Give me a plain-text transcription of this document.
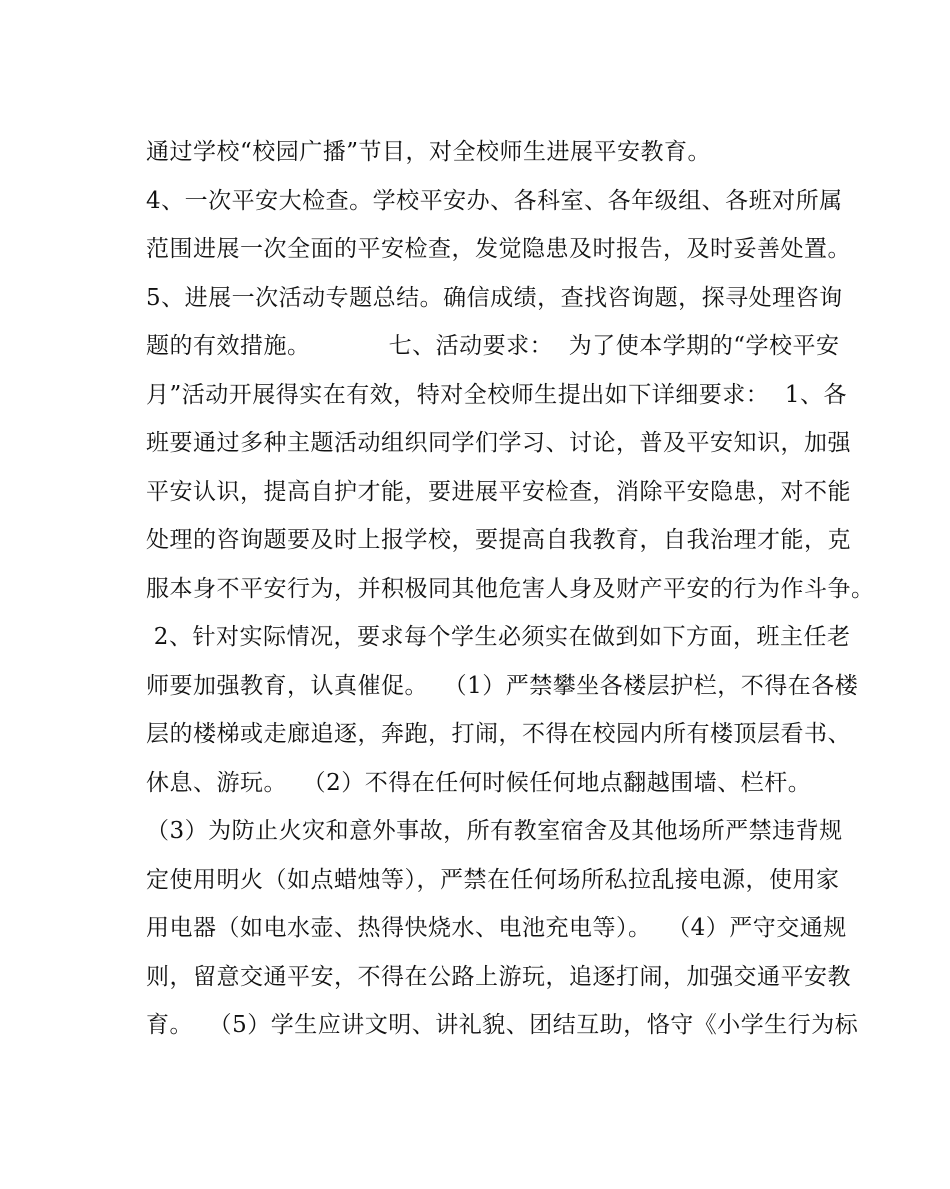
通过学校“校园广播”节目，对全校师生进展平安教育。

4、一次平安大检查。学校平安办、各科室、各年级组、各班对所属

范围进展一次全面的平安检查，发觉隐患及时报告，及时妥善处置。

5、进展一次活动专题总结。确信成绩，查找咨询题，探寻处理咨询

题的有效措施。          七、活动要求：  为了使本学期的“学校平安

月”活动开展得实在有效，特对全校师生提出如下详细要求：  1、各

班要通过多种主题活动组织同学们学习、讨论，普及平安知识，加强

平安认识，提高自护才能，要进展平安检查，消除平安隐患，对不能

处理的咨询题要及时上报学校，要提高自我教育，自我治理才能，克

服本身不平安行为，并积极同其他危害人身及财产平安的行为作斗争。

2、针对实际情况，要求每个学生必须实在做到如下方面，班主任老

师要加强教育，认真催促。  （1）严禁攀坐各楼层护栏，不得在各楼

层的楼梯或走廊追逐，奔跑，打闹，不得在校园内所有楼顶层看书、

休息、游玩。  （2）不得在任何时候任何地点翻越围墙、栏杆。

（3）为防止火灾和意外事故，所有教室宿舍及其他场所严禁违背规

定使用明火（如点蜡烛等），严禁在任何场所私拉乱接电源，使用家

用电器（如电水壶、热得快烧水、电池充电等）。  （4）严守交通规

则，留意交通平安，不得在公路上游玩，追逐打闹，加强交通平安教

育。  （5）学生应讲文明、讲礼貌、团结互助，恪守《小学生行为标
